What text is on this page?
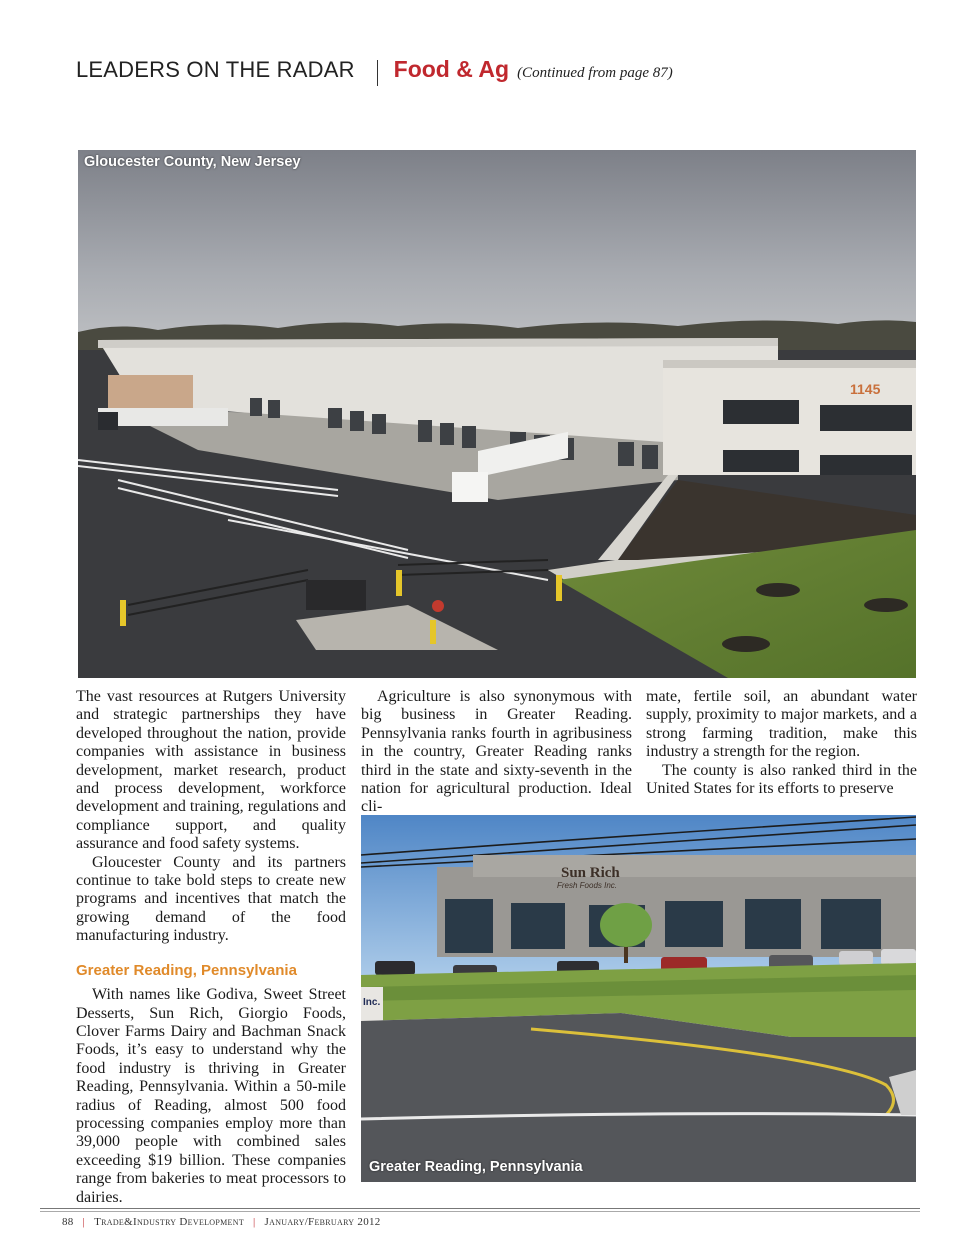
LEADERS ON THE RADAR Food & Ag (Continued from page 87)
1145
Gloucester County, New Jersey

The vast resources at Rutgers University and strategic partnerships they have developed throughout the nation, provide companies with assistance in business development, market research, product and process development, workforce development and training, regulations and compliance support, and quality assurance and food safety systems.

Gloucester County and its partners continue to take bold steps to create new programs and incentives that match the growing demand of the food manufacturing industry.

Greater Reading, Pennsylvania

With names like Godiva, Sweet Street Desserts, Sun Rich, Giorgio Foods, Clover Farms Dairy and Bachman Snack Foods, it’s easy to understand why the food industry is thriving in Greater Reading, Pennsylvania. Within a 50-mile radius of Reading, almost 500 food processing companies employ more than 39,000 people with combined sales exceeding $19 billion. These companies range from bakeries to meat processors to dairies.

Agriculture is also synonymous with big business in Greater Reading. Pennsylvania ranks fourth in agribusiness in the country, Greater Reading ranks third in the state and sixty-seventh in the nation for agricultural production. Ideal cli-

mate, fertile soil, an abundant water supply, proximity to major markets, and a strong farming tradition, make this industry a strength for the region.

The county is also ranked third in the United States for its efforts to preserve

Sun Rich
Fresh Foods Inc.
Inc.
Greater Reading, Pennsylvania
88 | Trade&Industry Development | January/February 2012
